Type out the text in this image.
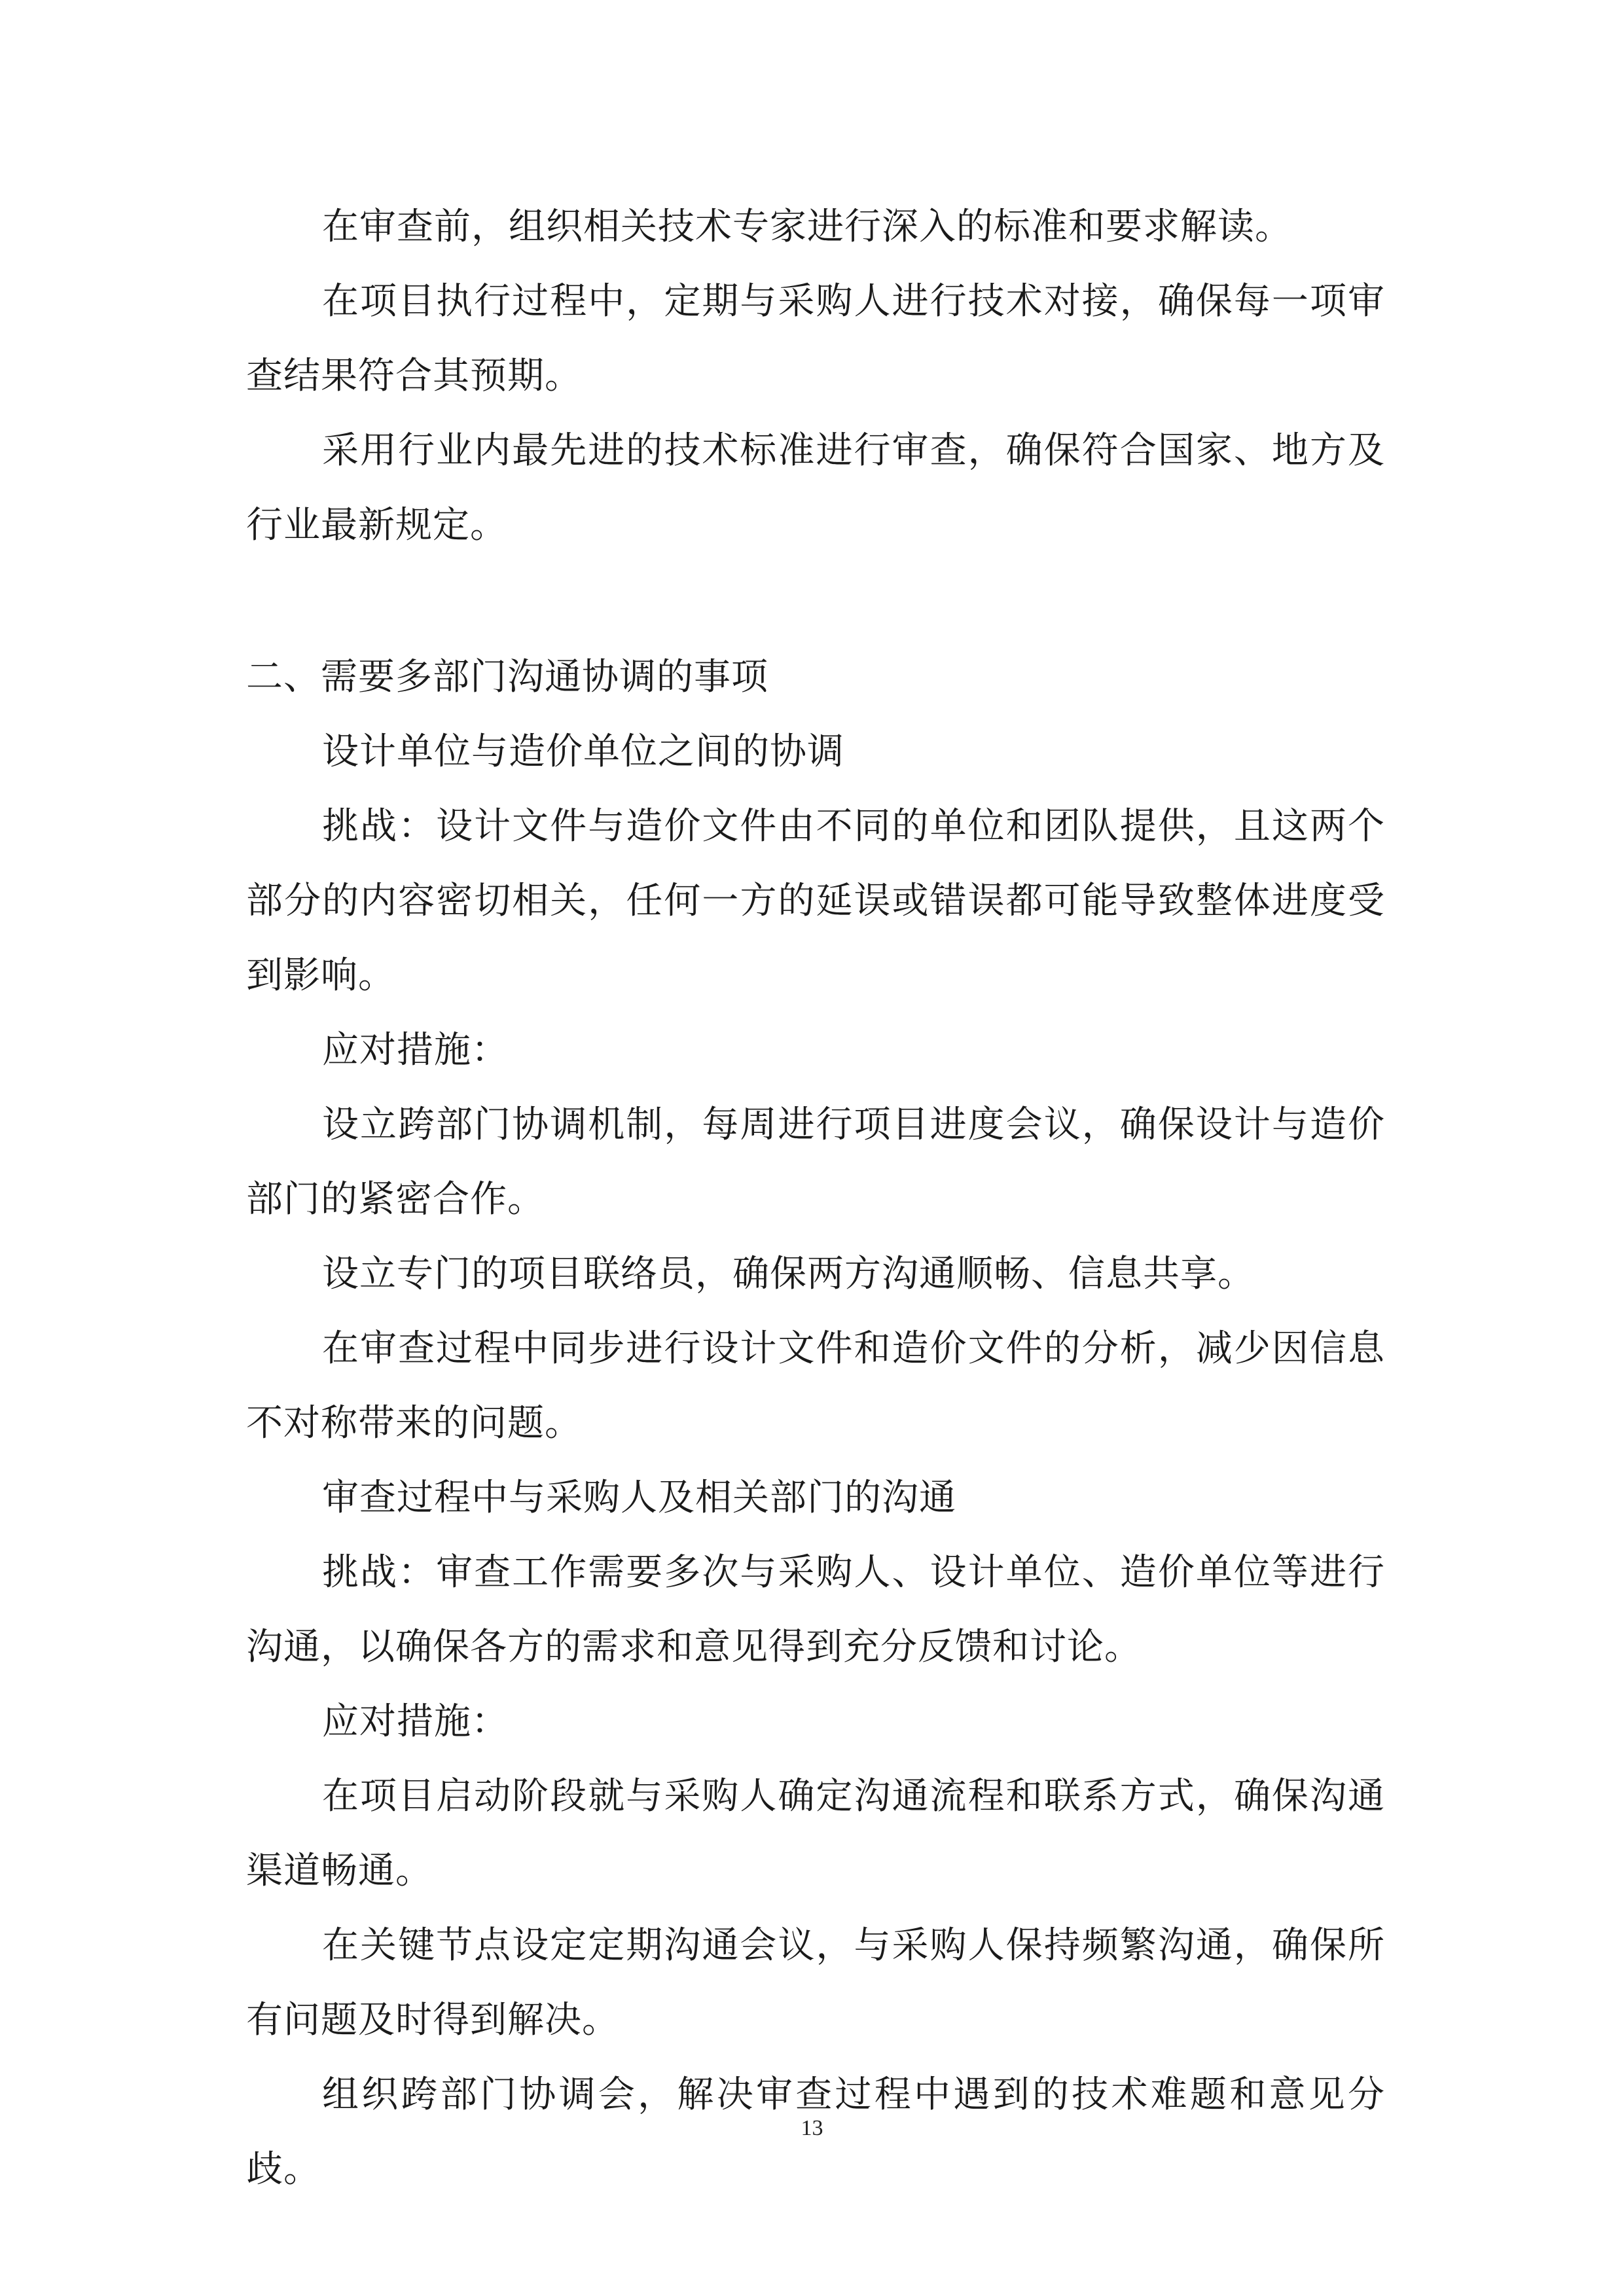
在审查前，组织相关技术专家进行深入的标准和要求解读。

在项目执行过程中，定期与采购人进行技术对接，确保每一项审查结果符合其预期。

采用行业内最先进的技术标准进行审查，确保符合国家、地方及行业最新规定。

二、需要多部门沟通协调的事项

设计单位与造价单位之间的协调

挑战：设计文件与造价文件由不同的单位和团队提供，且这两个部分的内容密切相关，任何一方的延误或错误都可能导致整体进度受到影响。

应对措施：

设立跨部门协调机制，每周进行项目进度会议，确保设计与造价部门的紧密合作。

设立专门的项目联络员，确保两方沟通顺畅、信息共享。

在审查过程中同步进行设计文件和造价文件的分析，减少因信息不对称带来的问题。

审查过程中与采购人及相关部门的沟通

挑战：审查工作需要多次与采购人、设计单位、造价单位等进行沟通，以确保各方的需求和意见得到充分反馈和讨论。

应对措施：

在项目启动阶段就与采购人确定沟通流程和联系方式，确保沟通渠道畅通。

在关键节点设定定期沟通会议，与采购人保持频繁沟通，确保所有问题及时得到解决。

组织跨部门协调会，解决审查过程中遇到的技术难题和意见分歧。

13
